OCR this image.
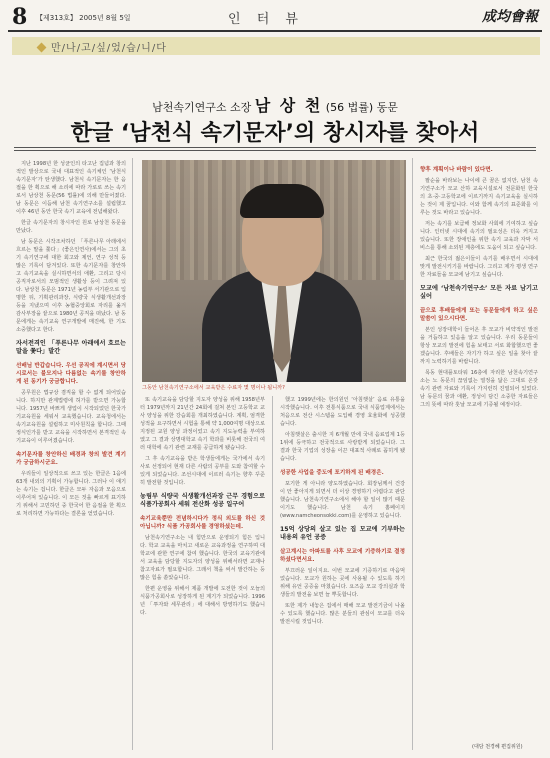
8 【제313호】 2005년 8월 5일	인 터 뷰	成均會報
만/나/고/싶/었/습/니/다
남천속기연구소 소장 남 상 천 (56 법률) 동문
한글 ‘남천식 속기문자’의 창시자를 찾아서

지난 1998년 한 성균인의 타고난 집념과 창의적인 발상으로 국내 대표적인 속기체인 ‘남천식 속기문자’가 탄생했다. 남천식 속기문자는 한 음절을 한 획으로 해 소리에 따라 가로로 쓰는 속기로서 남상천 동문(56 법률)에 의해 만들어졌다. 남 동문은 이듬해 남천 속기연구소를 설립했고 이후 46년 동안 한국 속기 교육에 전념해왔다.

한글 속기문자의 창시자인 원로 남상천 동문을 만났다.

남 동문은 시작조차하던 「푸른나무 아래에서 흐르는 말을 쫓다」(좋은인연사)에서는 그의 초기 속기연구에 대한 회고와 제언, 연구 성적 등 많은 기록이 담겨있다. 또한 속기문자를 창안하고 속기교육을 실시하면서의 애환, 그리고 당시 공직자로서의 모범적인 생활상 등이 그려져 있다. 남상천 동문은 1971년 농림부 서기관으로 입명한 뒤, 기획관리과장, 식량국 식생활개선과장 등을 지냈으며 이후 농협중앙회로 자리를 옮겨 감사부장을 끝으로 1980년 공직을 떠났다. 남 동문에게는 속기교육 연구개발에 매진해, 한 기도 소중했다고 한다.

자서전격인 「푸른나무 아래에서 흐르는 말을 쫓다」발간

선배님 반갑습니다. 우선 공직에 계시면서 당시로서는 불모지나 다름없는 속기를 창안하게 된 동기가 궁금합니다.

공무원은 법규상 겸직을 할 수 없게 되어있습니다. 하지만 관계법령에 허가를 받으면 가능합니다. 1957년 바쁘게 생업이 시작되었던 한국가 기교육원을 세워서 교육했습니다. 교육청에서는 속기교육원을 설립하고 미사원칙을 합니다. 그때 정식인가를 받고 교육을 시작하면서 본격적인 속기교육이 이루어졌습니다.

속기문자를 창안하신 배경과 창의 발견 계기가 궁금하시군요.

우리들이 일상적으로 쓰고 있는 한글은 1음에 63개 내외의 기획이 가능합니다. 그러나 이 얘기는 속기는 겁니다. 한글은 모두 자음과 모음으로 이루어져 있습니다. 이 모든 것을 빠르게 표기하기 위해서 고민하던 중 한국어 한 음절을 한 획으로 처리하면 가능하다는 결론을 얻었습니다.

그동안 남천속기연구소에서 교육받은 수료자 몇 명이나 됩니까?

또 속기교육을 담당할 지도자 양성을 위해 1958년부터 1979년까지 21년간 24회에 걸쳐 본인 고등학교 교사 양성을 위한 강습회를 개최하였습니다. 계획, 엄격한 성적을 요구하면서 시험을 통해 약 1,000여명 대상으로 지정된 교원 양성 과정이었고 속기 지도능력을 부여하였고 그 결과 상명대학교 속기 학과를 비롯해 전국의 여러 대학에 속기 관련 교재를 공급하게 됐습니다.

그 후 속기교육을 받은 학생들에게는 국가에서 속기사로 선정되어 현재 다른 사람의 공부를 도와 참여할 수 있게 되었습니다. 조선시대에 이르러 속기는 향후 꾸준히 발전할 것입니다.

농림부 식량국 식생활개선과장 근무 경험으로 식품가공회사 세워 전산화 성공 일구어

속기교육뿐만 전념하시다가 정식 외도를 하신 것 아닙니까? 식품 가공회사를 경영하셨는데.

남천속기연구소는 내 힘만으로 운영되기 힘든 입니다. 학교 교육을 마치고 새로운 교육과정을 연구하며 대학교에 관한 연구에 참여 했습니다. 한국의 교육기관에서 교육을 담당할 지도자의 양성을 위해서라면 교재나 참고자료가 필요합니다. 그래서 책을 써서 발간하는 등 많은 힘을 쏟았습니다.

한편 운영을 위해서 제품 개발에 도전한 것이 오늘의 식품가공회사로 성장하게 된 계기가 되었습니다. 1996년 「투자와 세무관리」에 대해서 방영하기도 했습니다.

했고 1999년에는 한의원인 ‘아침햇살’ 음료 유통을 시작했습니다. 이후 전통식품으로 국내 식품업계에서는 처음으로 전산 시스템을 도입해 경영 효율화에 성공했습니다.

아침햇살은 출시한 지 6개월 만에 국내 음료업계 1등 1위에 등극하고 전국적으로 사랑받게 되었습니다. 그 결과 한국 기업의 성장을 이끈 대표적 사례로 꼽히게 됐습니다.

성공한 사업을 중도에 포기하게 된 배경은.

포기한 게 아니라 양도하였습니다. 회장님께서 건강이 안 좋아지게 되면서 더 이상 경영하기 어렵다고 판단했습니다. 남천속기연구소에서 해야 할 일이 많기 때문이기도 했습니다. 남천 속기 홈페이지(www.namcheonsokki.com)를 운영하고 있습니다.

15억 상당의 살고 있는 집 모교에 기부하는 내용의 유언 공증

살고계시는 아파트를 사후 모교에 기증하기로 결정하셨다면서요.

부끄러운 일이지요. 이번 모교에 기증하기로 마음먹었습니다. 모교가 원하는 곳에 사용될 수 있도록 하기 위해 유언 공증을 마쳤습니다. 요즈음 모교 강의실과 학생들의 발전을 보면 늘 뿌듯합니다.

또한 제가 내놓은 집에서 매해 모교 발전기금이 나올 수 있도록 했습니다. 많은 분들의 관심이 모교를 더욱 발전시킬 것입니다.

향후 계획이나 바람이 있다면.

팔순을 바라보는 나이에 큰 꿈은 없지만, 남천 속기연구소가 모교 산하 교육시설로서 전문화된 한국의 초·중·고등학교에 이르기까지 속기교육을 실시하는 것이 제 꿈입니다. 이와 함께 속기의 표준화를 이루는 것도 바라고 있습니다.

저는 속기를 보급해 정보화 사회에 기여하고 싶습니다. 인터넷 시대에 속기의 필요성은 더욱 커지고 있습니다. 또한 장애인을 위한 속기 교육과 자막 서비스를 통해 소외된 계층에도 도움이 되고 싶습니다.

최근 한국의 젊은이들이 속기를 배우면서 시대에 맞게 발전시키기를 바랍니다. 그리고 제가 평생 연구한 자료들을 모교에 남기고 싶습니다.

모교에 ‘남천속기연구소’ 모든 자료 남기고 싶어

끝으로 후배들에게 또는 동문들에게 하고 싶은 말씀이 있으시다면.

본인 성장대학이 들어온 후 모교가 비약적인 발전을 거듭하고 있음을 알고 있습니다. 우리 동문들이 항상 모교의 발전에 힘을 보태고 서로 화합했으면 좋겠습니다. 후배들은 자기가 하고 싶은 일을 찾아 끝까지 노력하기를 바랍니다.

목동 현대플토타워 16층에 자리한 남천속기연구소는 노 동문의 끊임없는 열정을 닮은 그대로 온갖 속기 관련 자료와 기록이 가지런히 진열되어 있었다. 남 동문의 꿈과 애환, 정성이 담긴 소중한 자료들은 그의 뜻에 따라 훗날 모교에 기증될 예정이다.

(대담 천경혜 편집위원)
